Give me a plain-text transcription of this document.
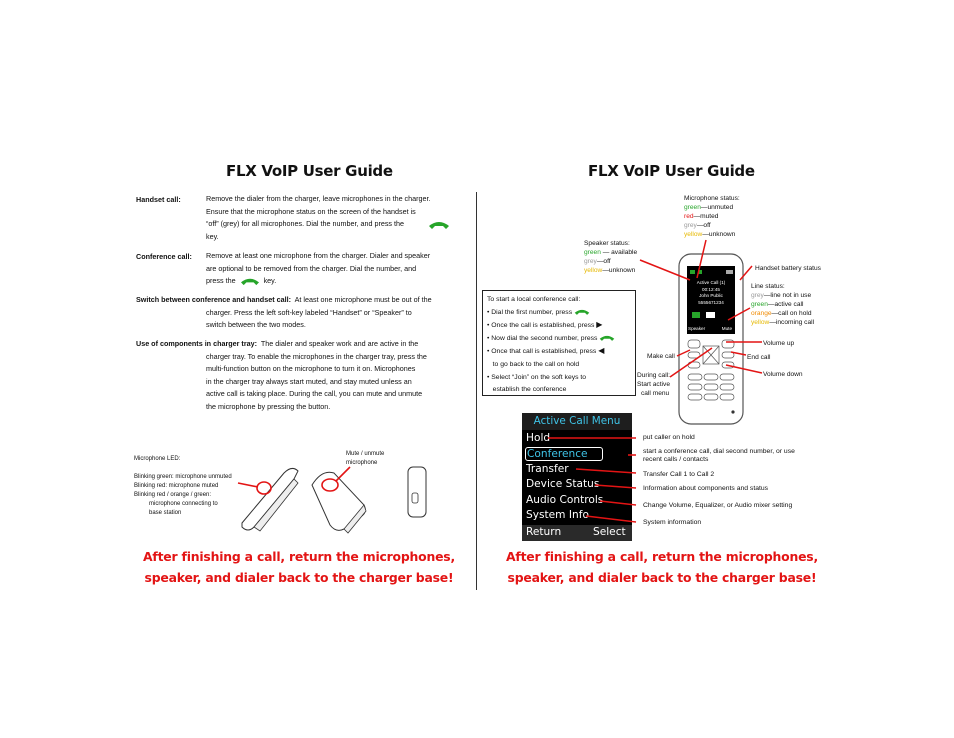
FLX VoIP User Guide
Handset call:	Remove the dialer from the charger, leave microphones in the charger.
Ensure that the microphone status on the screen of the handset is
“off” (grey) for all microphones. Dial the number, and press the
key.
Conference call: Remove at least one microphone from the charger. Dialer and speaker
are optional to be removed from the charger. Dial the number, and
press the	key.
Switch between conference and handset call: At least one microphone must be out of the
charger. Press the left soft-key labeled “Handset” or “Speaker” to
switch between the two modes.
Use of components in charger tray: The dialer and speaker work and are active in the
charger tray. To enable the microphones in the charger tray, press the
multi-function button on the microphone to turn it on. Microphones
in the charger tray always start muted, and stay muted unless an
active call is taking place. During the call, you can mute and unmute
the microphone by pressing the button.
Microphone LED:
Blinking green: microphone unmuted
Blinking red: microphone muted
Blinking red / orange / green:
microphone connecting to
base station
Mute / unmute
microphone
After finishing a call, return the microphones,
speaker, and dialer back to the charger base!
FLX VoIP User Guide
Microphone status:
green—unmuted
red—muted
grey—off
yellow—unknown
Speaker status:
green — available
grey—off
yellow—unknown	Handset battery status
Line status:
grey—line not in use
green—active call
orange—call on hold
yellow—incoming call
Volume up
End call
Make call
Volume down
During call:
Start active
call menu
Active Call (1)
00:12:45
John Public
5555671234
Speaker	Mute
To start a local conference call:
• Dial the first number, press
• Once the call is established, press ▶
• Now dial the second number, press
• Once that call is established, press ◀
to go back to the call on hold
• Select “Join” on the soft keys to
establish the conference
Active Call Menu
Hold
Conference
Transfer
Device Status
Audio Controls
System Info
Return	Select
put caller on hold
start a conference call, dial second number, or use
recent calls / contacts
Transfer Call 1 to Call 2
Information about components and status
Change Volume, Equalizer, or Audio mixer setting
System information
After finishing a call, return the microphones,
speaker, and dialer back to the charger base!
